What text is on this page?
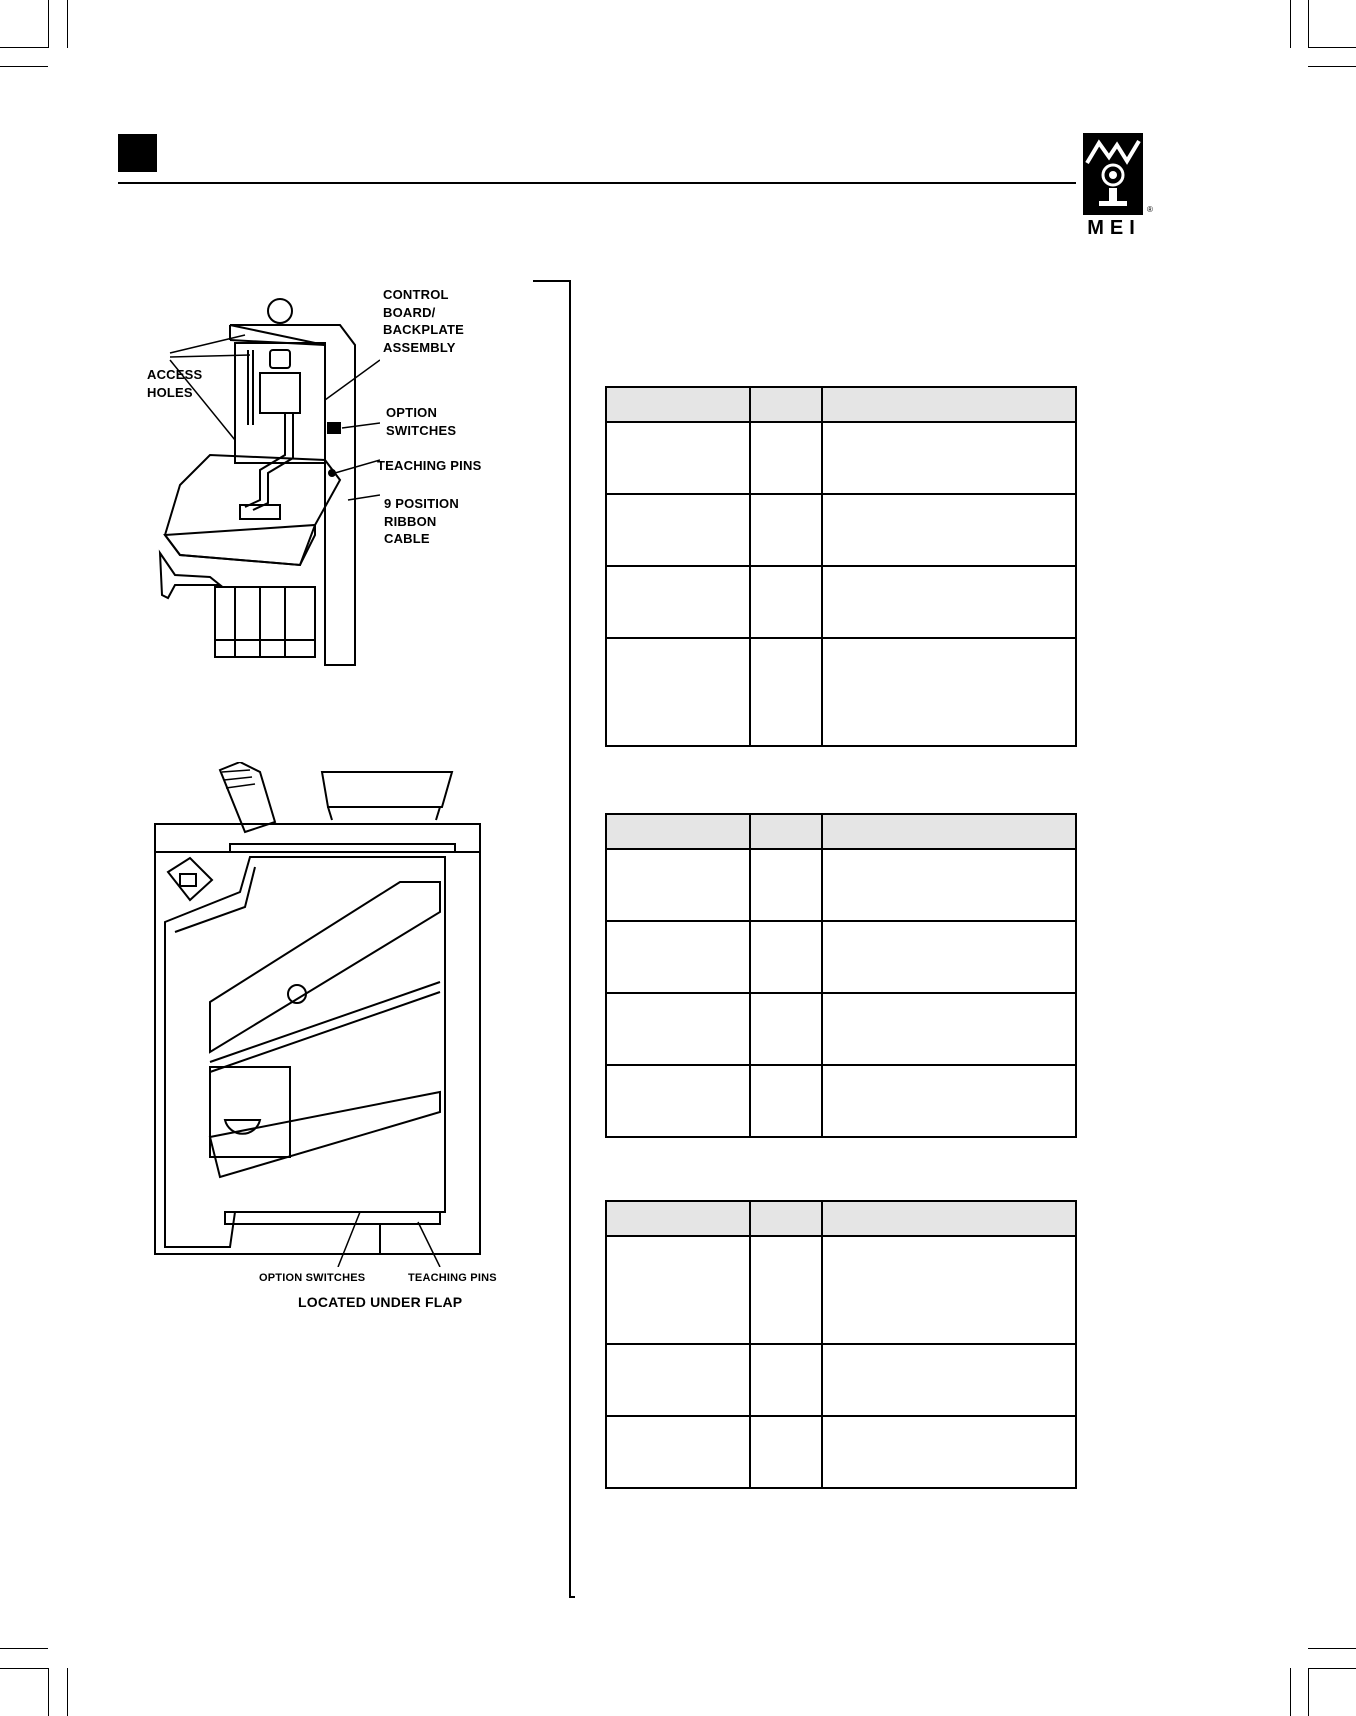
MEI
®
CONTROL
BOARD/
BACKPLATE
ASSEMBLY
ACCESS
HOLES
OPTION
SWITCHES
TEACHING PINS
9 POSITION
RIBBON
CABLE
OPTION SWITCHES	TEACHING PINS
LOCATED UNDER FLAP
